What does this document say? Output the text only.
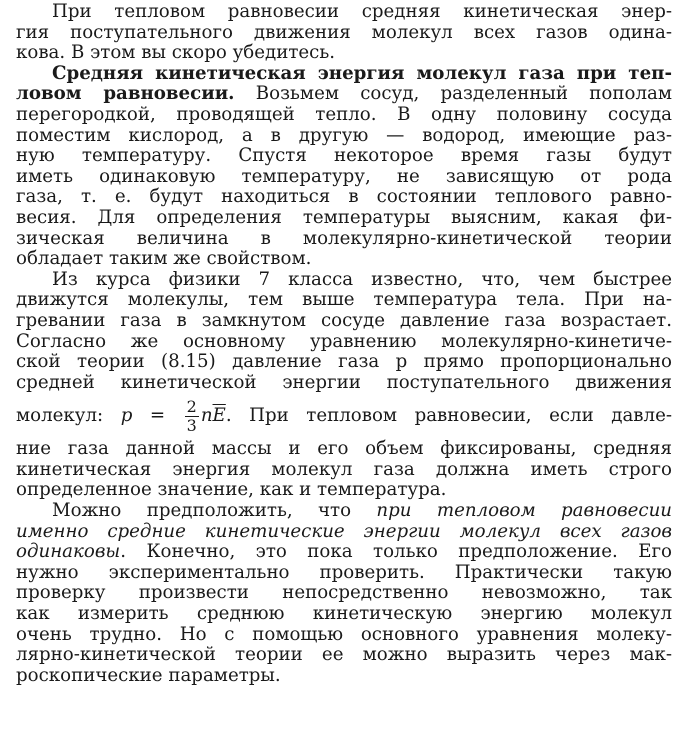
При тепловом равновесии средняя кинетическая энер-
гия поступательного движения молекул всех газов одина-
кова. В этом вы скоро убедитесь.
Средняя кинетическая энергия молекул газа при теп-
ловом равновесии. Возьмем сосуд, разделенный пополам
перегородкой, проводящей тепло. В одну половину сосуда
поместим кислород, а в другую — водород, имеющие раз-
ную температуру. Спустя некоторое время газы будут
иметь одинаковую температуру, не зависящую от рода
газа, т. е. будут находиться в состоянии теплового равно-
весия. Для определения температуры выясним, какая фи-
зическая величина в молекулярно-кинетической теории
обладает таким же свойством.
Из курса физики 7 класса известно, что, чем быстрее
движутся молекулы, тем выше температура тела. При на-
гревании газа в замкнутом сосуде давление газа возрастает.
Согласно же основному уравнению молекулярно-кинетиче-
ской теории (8.15) давление газа p прямо пропорционально
средней кинетической энергии поступательного движения
молекул: $p = \frac{2}{3} n\overline{E}$. При тепловом равновесии, если давле-
ние газа данной массы и его объем фиксированы, средняя
кинетическая энергия молекул газа должна иметь строго
определенное значение, как и температура.
Можно предположить, что при тепловом равновесии
именно средние кинетические энергии молекул всех газов
одинаковы. Конечно, это пока только предположение. Его
нужно экспериментально проверить. Практически такую
проверку произвести непосредственно невозможно, так
как измерить среднюю кинетическую энергию молекул
очень трудно. Но с помощью основного уравнения молеку-
лярно-кинетической теории ее можно выразить через мак-
роскопические параметры.
